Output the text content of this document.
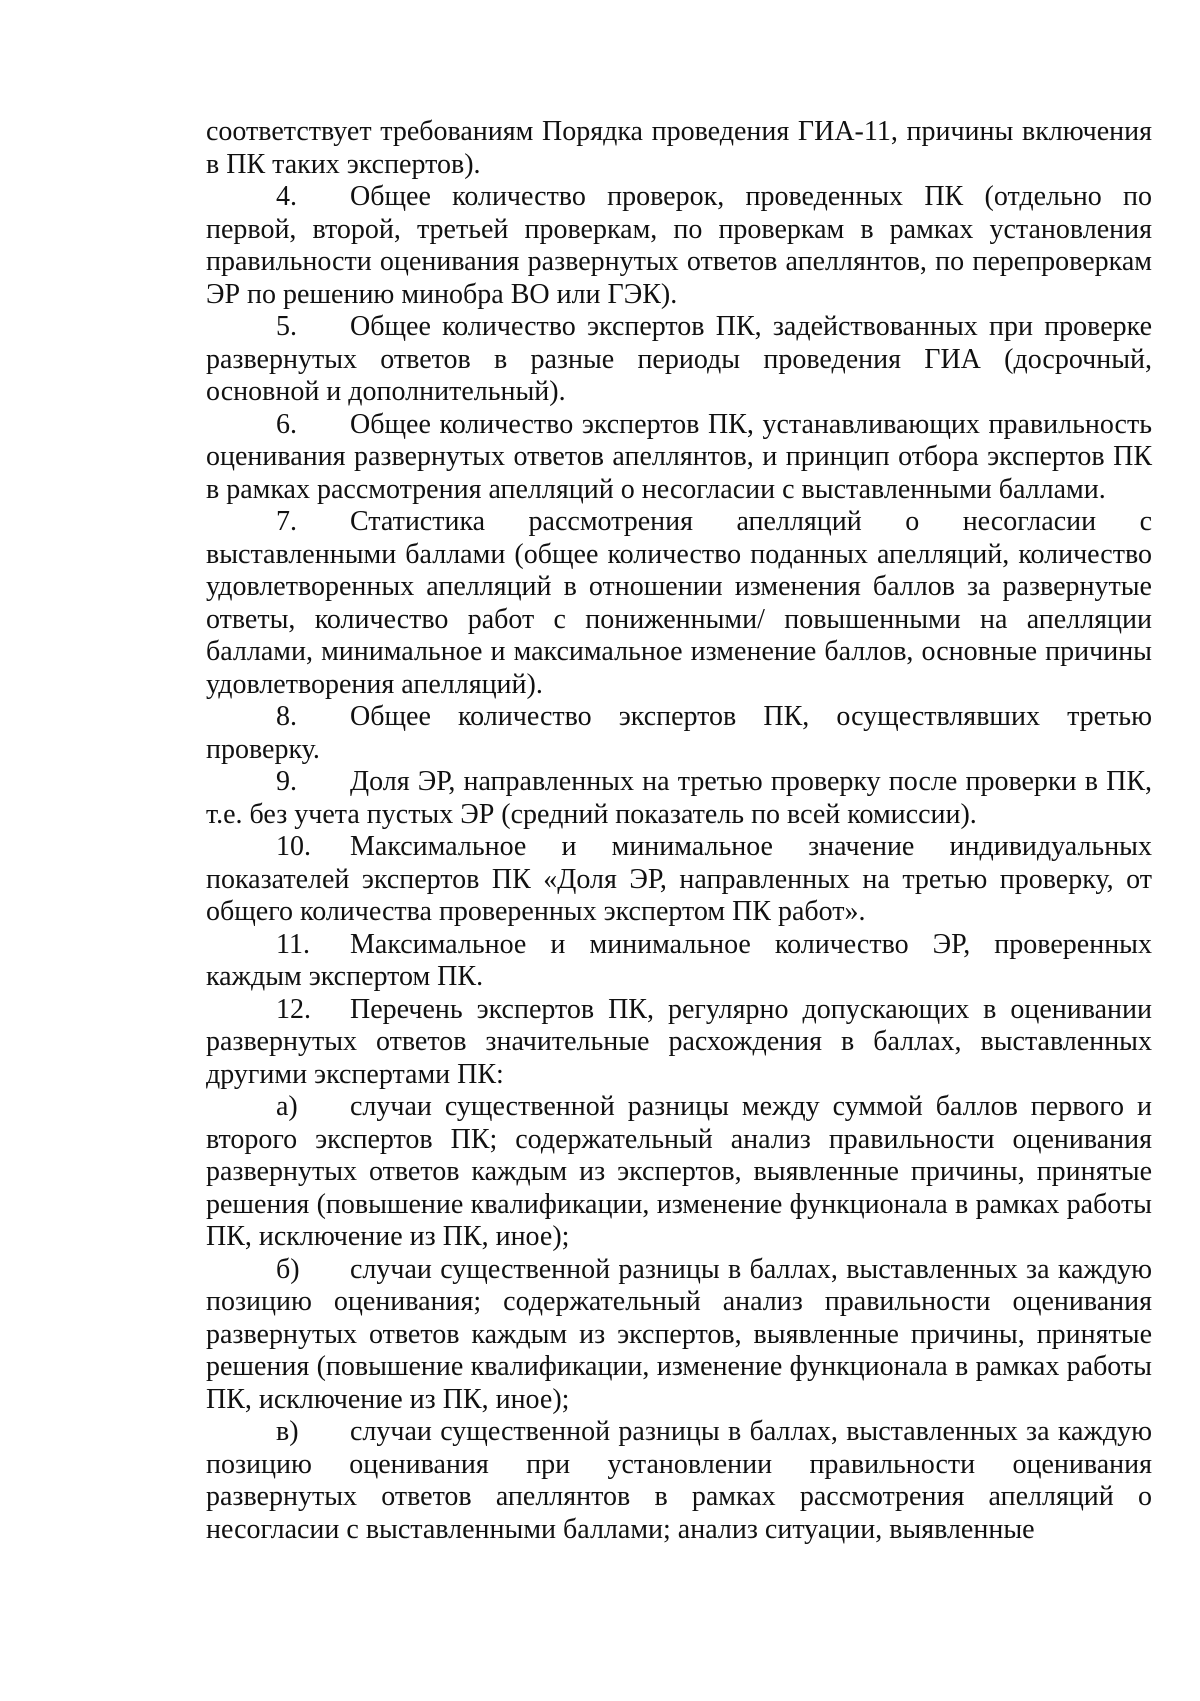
соответствует требованиям Порядка проведения ГИА-11, причины включения в ПК таких экспертов).

4. Общее количество проверок, проведенных ПК (отдельно по первой, второй, третьей проверкам, по проверкам в рамках установления правильности оценивания развернутых ответов апеллянтов, по перепроверкам ЭР по решению минобра ВО или ГЭК).

5. Общее количество экспертов ПК, задействованных при проверке развернутых ответов в разные периоды проведения ГИА (досрочный, основной и дополнительный).

6. Общее количество экспертов ПК, устанавливающих правильность оценивания развернутых ответов апеллянтов, и принцип отбора экспертов ПК в рамках рассмотрения апелляций о несогласии с выставленными баллами.

7. Статистика рассмотрения апелляций о несогласии с выставленными баллами (общее количество поданных апелляций, количество удовлетворенных апелляций в отношении изменения баллов за развернутые ответы, количество работ с пониженными/ повышенными на апелляции баллами, минимальное и максимальное изменение баллов, основные причины удовлетворения апелляций).

8. Общее количество экспертов ПК, осуществлявших третью проверку.

9. Доля ЭР, направленных на третью проверку после проверки в ПК, т.е. без учета пустых ЭР (средний показатель по всей комиссии).

10. Максимальное и минимальное значение индивидуальных показателей экспертов ПК «Доля ЭР, направленных на третью проверку, от общего количества проверенных экспертом ПК работ».

11. Максимальное и минимальное количество ЭР, проверенных каждым экспертом ПК.

12. Перечень экспертов ПК, регулярно допускающих в оценивании развернутых ответов значительные расхождения в баллах, выставленных другими экспертами ПК:

а) случаи существенной разницы между суммой баллов первого и второго экспертов ПК; содержательный анализ правильности оценивания развернутых ответов каждым из экспертов, выявленные причины, принятые решения (повышение квалификации, изменение функционала в рамках работы ПК, исключение из ПК, иное);

б) случаи существенной разницы в баллах, выставленных за каждую позицию оценивания; содержательный анализ правильности оценивания развернутых ответов каждым из экспертов, выявленные причины, принятые решения (повышение квалификации, изменение функционала в рамках работы ПК, исключение из ПК, иное);

в) случаи существенной разницы в баллах, выставленных за каждую позицию оценивания при установлении правильности оценивания развернутых ответов апеллянтов в рамках рассмотрения апелляций о несогласии с выставленными баллами; анализ ситуации, выявленные
